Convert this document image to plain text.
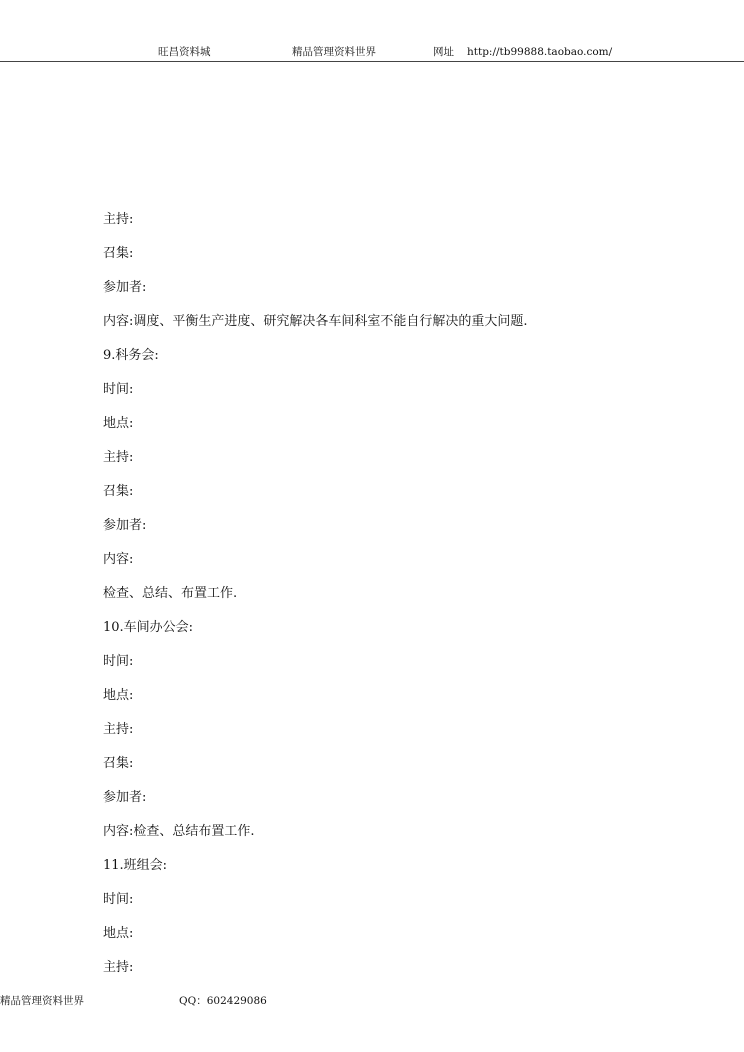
旺昌资料城	精品管理资料世界	网址 http://tb99888.taobao.com/
主持:
召集:
参加者:
内容:调度、平衡生产进度、研究解决各车间科室不能自行解决的重大问题.
9.科务会:
时间:
地点:
主持:
召集:
参加者:
内容:
检查、总结、布置工作.
10.车间办公会:
时间:
地点:
主持:
召集:
参加者:
内容:检查、总结布置工作.
11.班组会:
时间:
地点:
主持:
精品管理资料世界	QQ：602429086
